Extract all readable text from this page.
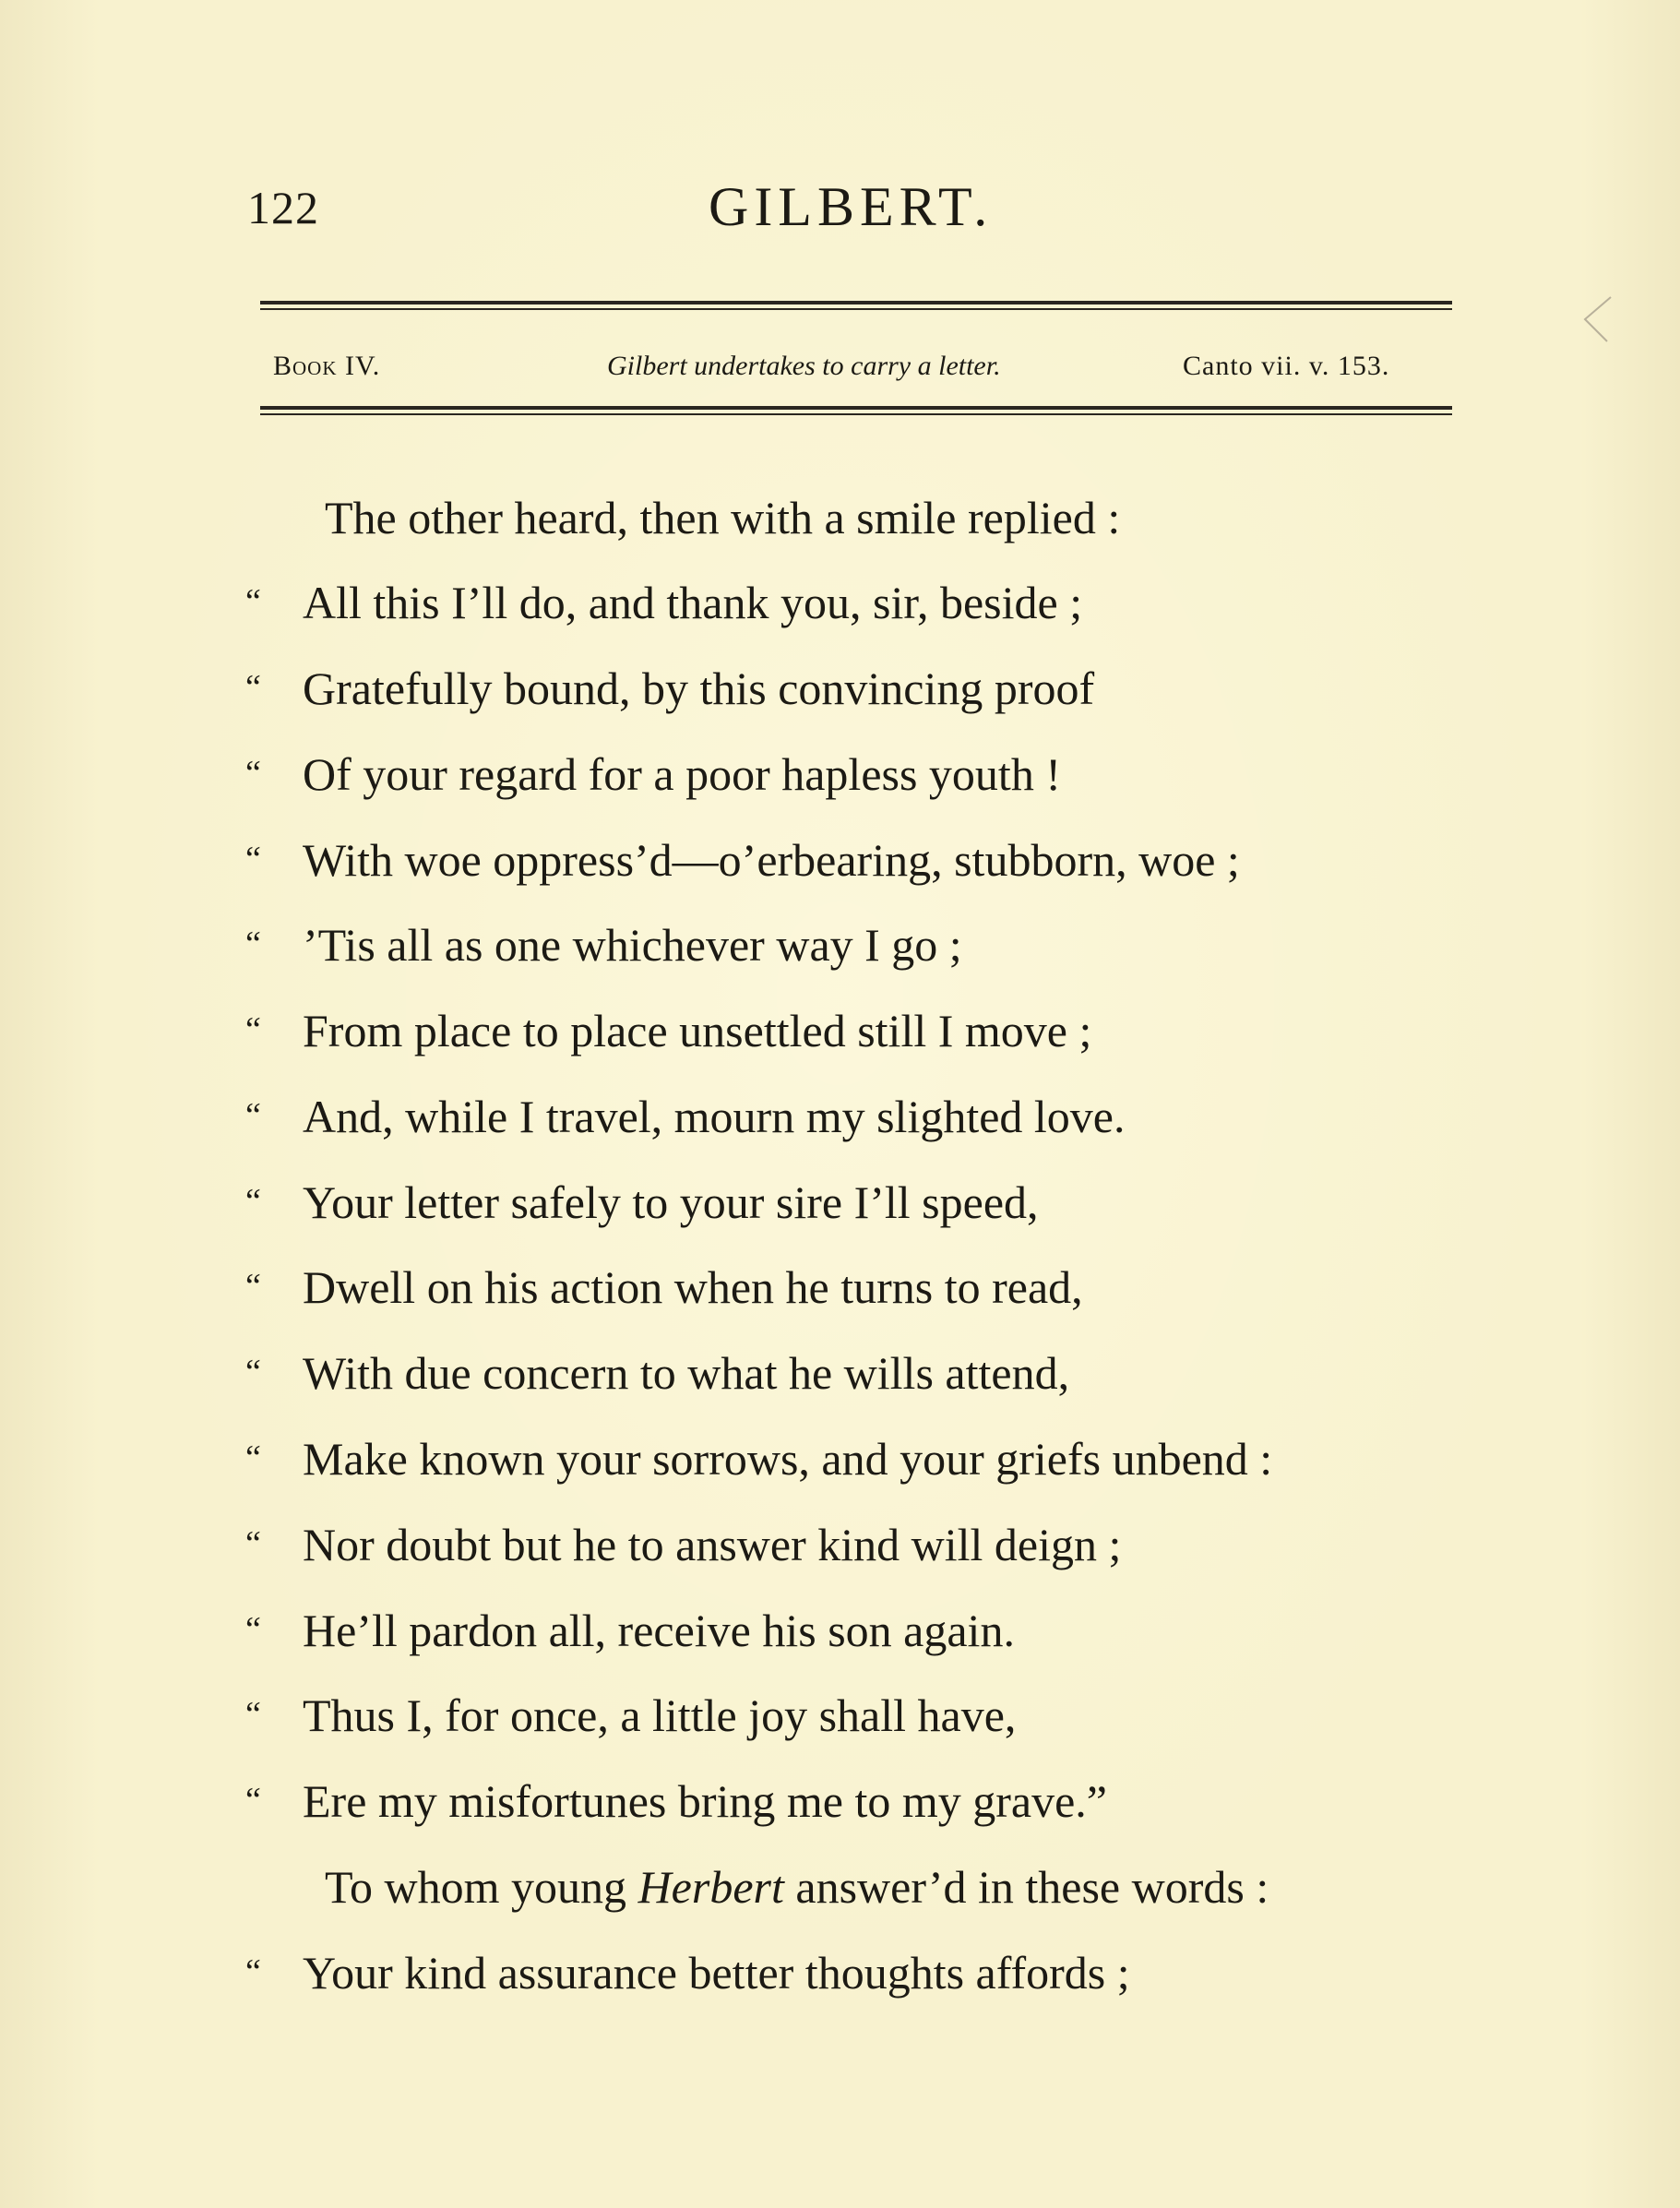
122	GILBERT.
Book IV.	Gilbert undertakes to carry a letter.	Canto vii. v. 153.
The other heard, then with a smile replied :
“ All this I’ll do, and thank you, sir, beside ;
“ Gratefully bound, by this convincing proof
“ Of your regard for a poor hapless youth !
“ With woe oppress’d—o’erbearing, stubborn, woe ;
“ ’Tis all as one whichever way I go ;
“ From place to place unsettled still I move ;
“ And, while I travel, mourn my slighted love.
“ Your letter safely to your sire I’ll speed,
“ Dwell on his action when he turns to read,
“ With due concern to what he wills attend,
“ Make known your sorrows, and your griefs unbend :
“ Nor doubt but he to answer kind will deign ;
“ He’ll pardon all, receive his son again.
“ Thus I, for once, a little joy shall have,
“ Ere my misfortunes bring me to my grave.”
To whom young Herbert answer’d in these words :
“ Your kind assurance better thoughts affords ;
